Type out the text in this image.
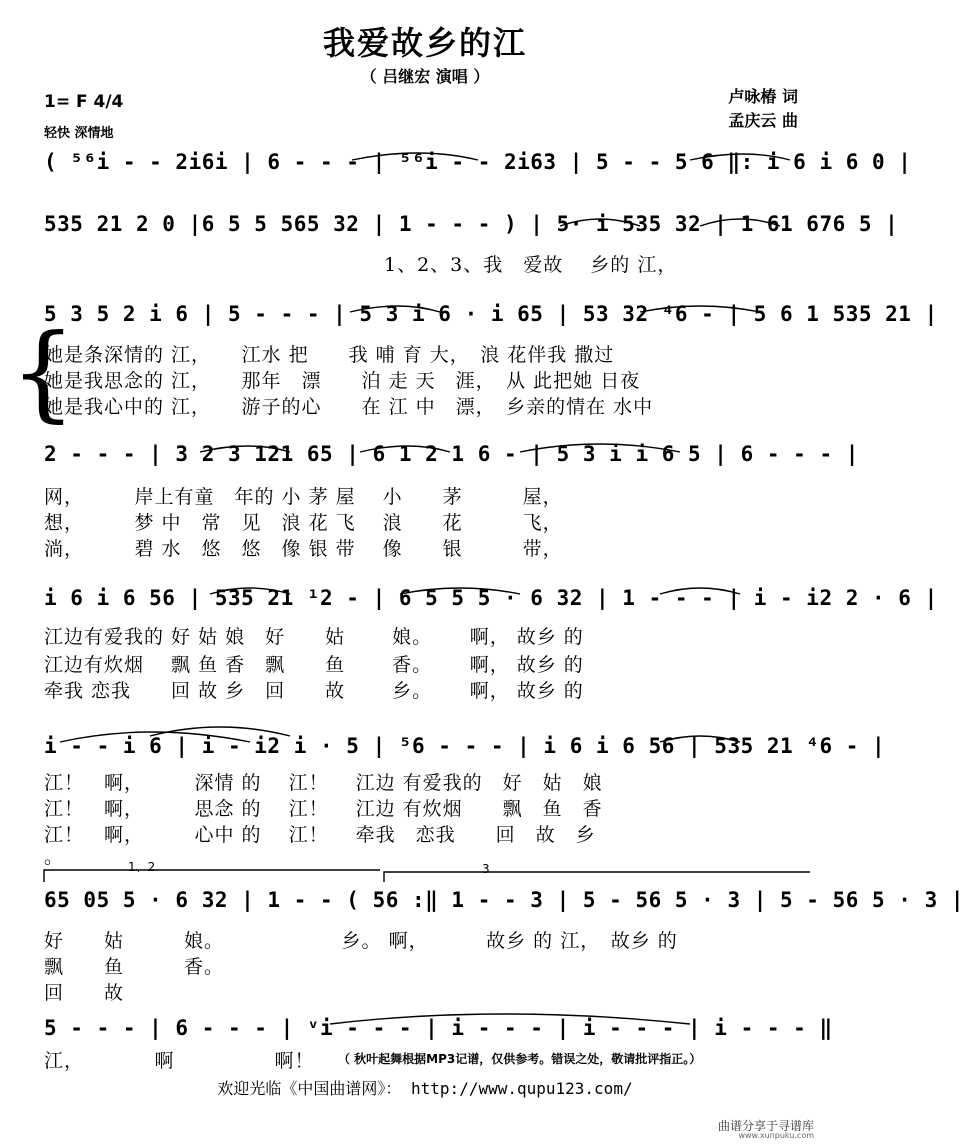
我爱故乡的江
（ 吕继宏 演唱 ）
卢咏椿 词
孟庆云 曲
1= F 4/4
轻快 深情地
( ⁵⁶i - - 2i6i | 6 - - - | ⁵⁶i - - 2i63 | 5 - - 5 6 ‖: i 6 i 6 0 |
535 21 2 0 |6 5 5 565 32 | 1 - - - ) | 5· i 535 32 | 1 61 676 5 |
1、2、3、我　爱故　 乡的 江，
5 3 5 2 i 6 | 5 - - - | 5 3 i 6 · i 65 | 53 32 ⁴6 - | 5 6 1 535 21 |
她是条深情的 江，　　江水 把　　我 哺 育 大，　浪 花伴我 撒过
她是我思念的 江，　　那年　漂　　泊 走 天　涯，　从 此把她 日夜
她是我心中的 江，　　游子的心　　在 江 中　漂，　乡亲的情在 水中
{
2 - - - | 3 2 3 121 65 | 6 1 2 1 6 - | 5 3 i i 6 5 | 6 - - - |
网，　　　岸上有童　年的 小 茅 屋　 小　　茅　　　屋，
想，　　　梦 中　常　见　浪 花 飞　 浪　　花　　　飞，
淌，　　　碧 水　悠　悠　像 银 带　 像　　银　　　带，
i 6 i 6 56 | 535 21 ¹2 - | 6 5 5 5 · 6 32 | 1 - - - | i - i2 2 · 6 |
江边有爱我的 好 姑 娘　好　　姑　　 娘。　　 啊， 故乡 的
江边有炊烟　 飘 鱼 香　飘　　鱼　　 香。　　 啊， 故乡 的
牵我 恋我　　回 故 乡　回　　故　　 乡。　　 啊， 故乡 的
i - - i 6 | i - i2 i · 5 | ⁵6 - - - | i 6 i 6 56 | 535 21 ⁴6 - |
江！　啊，　　　深情 的　 江！　 江边 有爱我的　好　姑　娘
江！　啊，　　　思念 的　 江！　 江边 有炊烟　　飘　鱼　香
江！　啊，　　　心中 的　 江！　 牵我　恋我　　回　故　乡
。	1、2	3
65 05 5 · 6 32 | 1 - - ( 56 :‖ 1 - - 3 | 5 - 56 5 · 3 | 5 - 56 5 · 3 |
好　　姑　　　娘。　　　　　　 乡。 啊，　　　 故乡 的 江，　故乡 的
飘　　鱼　　　香。
回　　故
5 - - - | 6 - - - | ᵛi - - - | i - - - | i - - - | i - - - ‖
江，　　　　啊　　　　　啊！ （ 秋叶起舞根据MP3记谱，仅供参考。错误之处，敬请批评指正。）
欢迎光临《中国曲谱网》： http://www.qupu123.com/
曲谱分享于寻谱库
www.xunpuku.com
